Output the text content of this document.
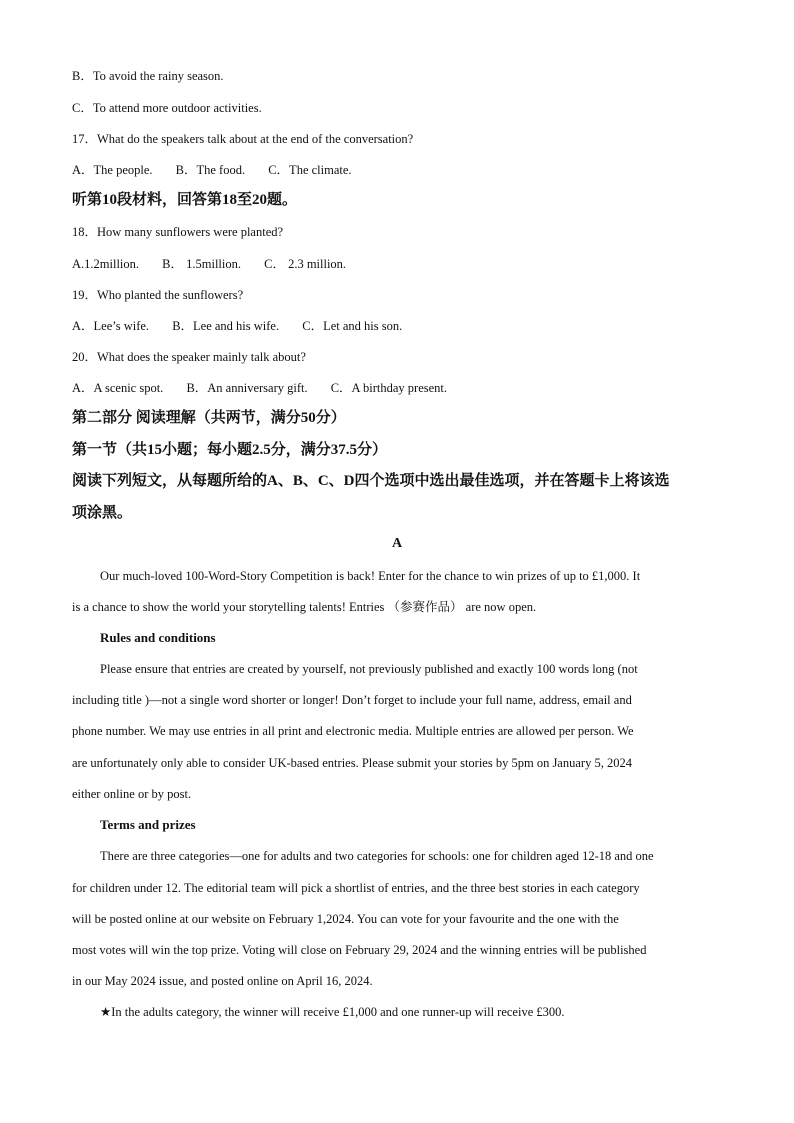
B．To avoid the rainy season.
C．To attend more outdoor activities.
17．What do the speakers talk about at the end of the conversation?
A．The people. B．The food. C．The climate.
听第10段材料，回答第18至20题。
18．How many sunflowers were planted?
A.1.2million. B． 1.5million. C． 2.3 million.
19．Who planted the sunflowers?
A．Lee’s wife. B．Lee and his wife. C．Let and his son.
20．What does the speaker mainly talk about?
A．A scenic spot. B．An anniversary gift. C．A birthday present.
第二部分 阅读理解（共两节，满分50分）
第一节（共15小题；每小题2.5分，满分37.5分）
阅读下列短文，从每题所给的A、B、C、D四个选项中选出最佳选项，并在答题卡上将该选
项涂黑。
A
Our much-loved 100-Word-Story Competition is back! Enter for the chance to win prizes of up to £1,000. It
is a chance to show the world your storytelling talents! Entries （参赛作品） are now open.
Rules and conditions
Please ensure that entries are created by yourself, not previously published and exactly 100 words long (not
including title )—not a single word shorter or longer! Don’t forget to include your full name, address, email and
phone number. We may use entries in all print and electronic media. Multiple entries are allowed per person. We
are unfortunately only able to consider UK-based entries. Please submit your stories by 5pm on January 5, 2024
either online or by post.
Terms and prizes
There are three categories—one for adults and two categories for schools: one for children aged 12-18 and one
for children under 12. The editorial team will pick a shortlist of entries, and the three best stories in each category
will be posted online at our website on February 1,2024. You can vote for your favourite and the one with the
most votes will win the top prize. Voting will close on February 29, 2024 and the winning entries will be published
in our May 2024 issue, and posted online on April 16, 2024.
★In the adults category, the winner will receive £1,000 and one runner-up will receive £300.
